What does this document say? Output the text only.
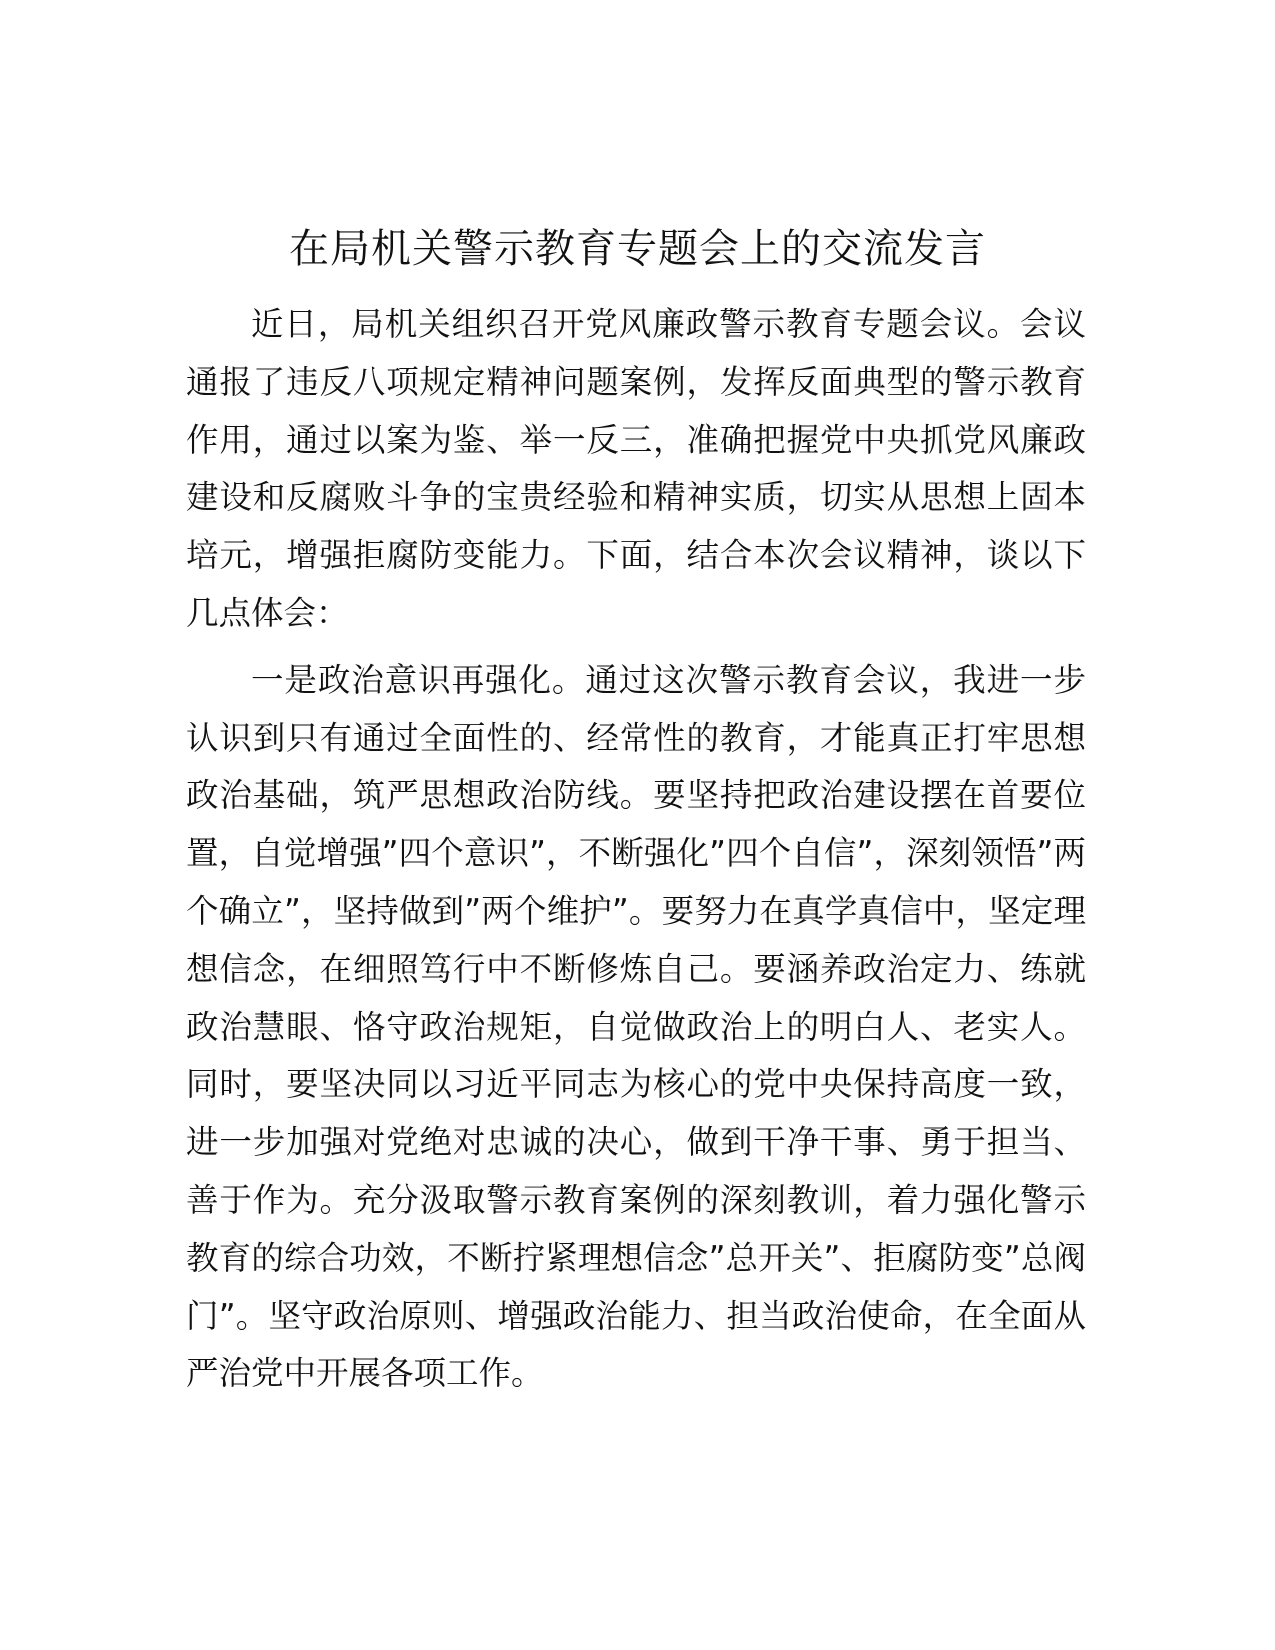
在局机关警示教育专题会上的交流发言

近日，局机关组织召开党风廉政警示教育专题会议。会议通报了违反八项规定精神问题案例，发挥反面典型的警示教育作用，通过以案为鉴、举一反三，准确把握党中央抓党风廉政建设和反腐败斗争的宝贵经验和精神实质，切实从思想上固本培元，增强拒腐防变能力。下面，结合本次会议精神，谈以下几点体会：

一是政治意识再强化。通过这次警示教育会议，我进一步认识到只有通过全面性的、经常性的教育，才能真正打牢思想政治基础，筑严思想政治防线。要坚持把政治建设摆在首要位置，自觉增强”四个意识”，不断强化”四个自信”，深刻领悟”两个确立”，坚持做到”两个维护”。要努力在真学真信中，坚定理想信念，在细照笃行中不断修炼自己。要涵养政治定力、练就政治慧眼、恪守政治规矩，自觉做政治上的明白人、老实人。同时，要坚决同以习近平同志为核心的党中央保持高度一致，进一步加强对党绝对忠诚的决心，做到干净干事、勇于担当、善于作为。充分汲取警示教育案例的深刻教训，着力强化警示教育的综合功效，不断拧紧理想信念”总开关”、拒腐防变”总阀门”。坚守政治原则、增强政治能力、担当政治使命，在全面从严治党中开展各项工作。
